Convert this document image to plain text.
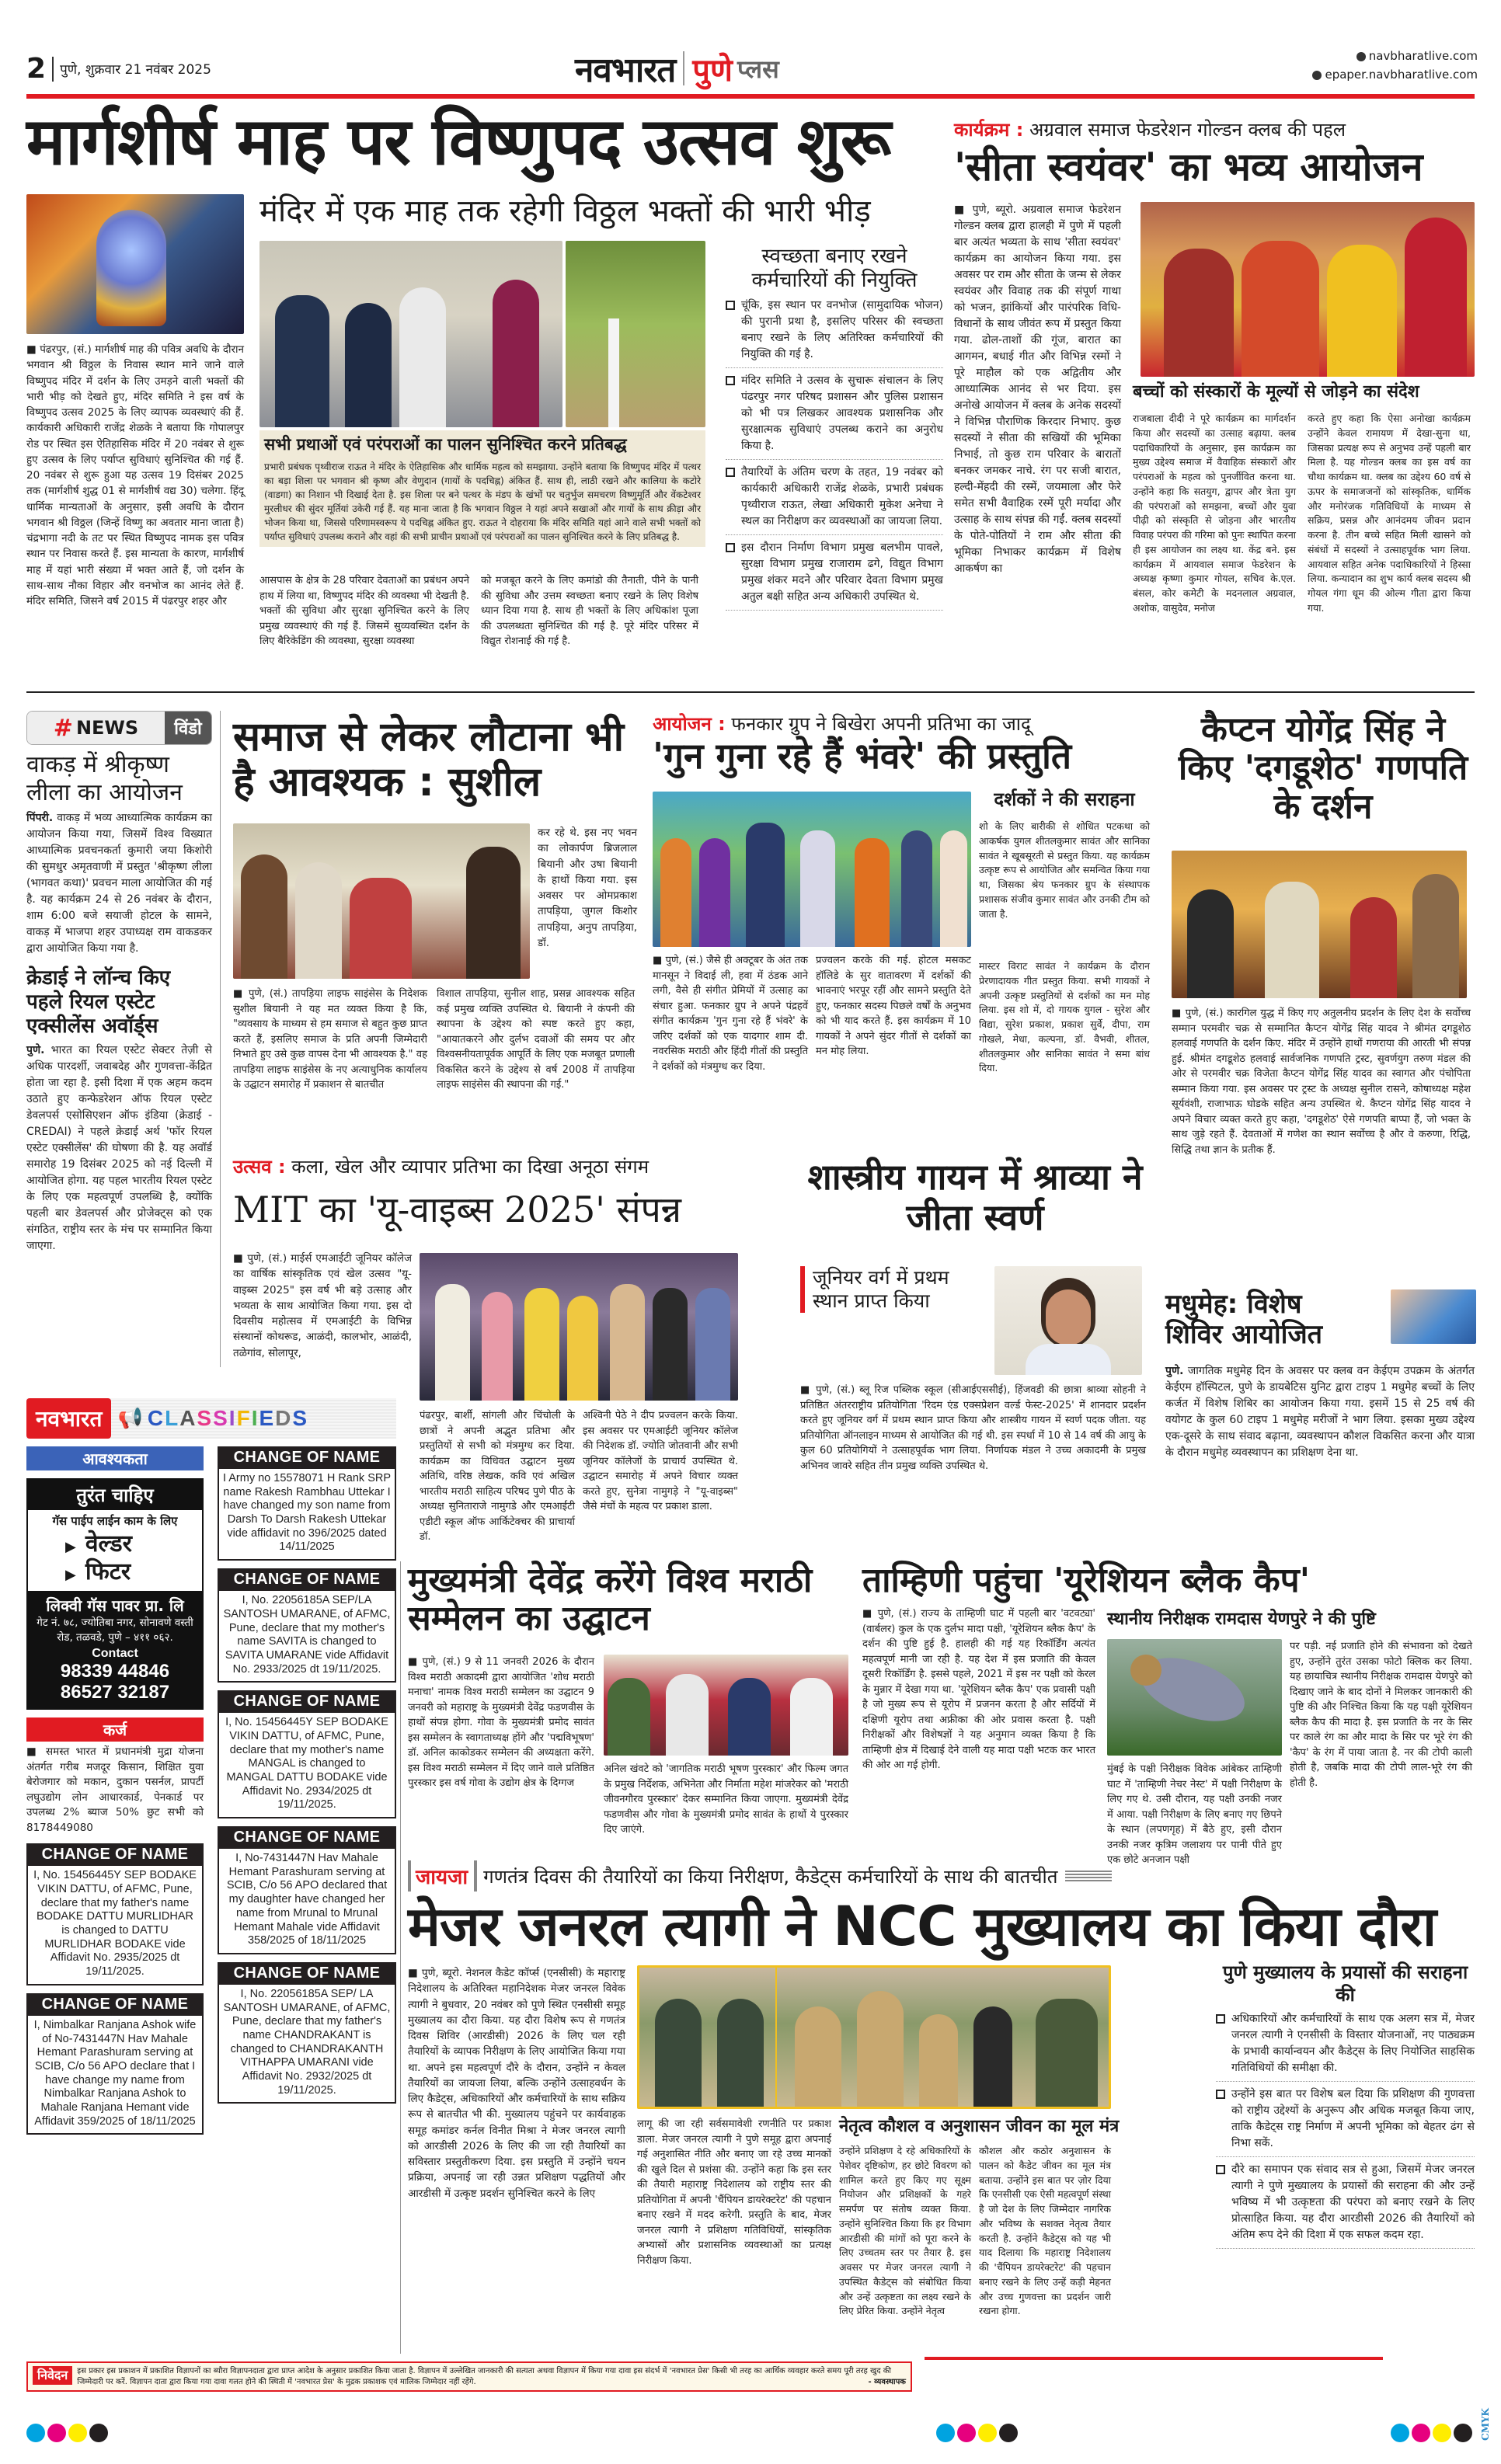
2 पुणे, शुक्रवार 21 नवंबर 2025	नवभारत पुणे प्लस	navbharatlive.com
epaper.navbharatlive.com
मार्गशीर्ष माह पर विष्णुपद उत्सव शुरू
■ पंढरपुर, (सं.) मार्गशीर्ष माह की पवित्र अवधि के दौरान भगवान श्री विठ्ठल के निवास स्थान माने जाने वाले विष्णुपद मंदिर में दर्शन के लिए उमड़ने वाली भक्तों की भारी भीड़ को देखते हुए, मंदिर समिति ने इस वर्ष के विष्णुपद उत्सव 2025 के लिए व्यापक व्यवस्थाएं की हैं. कार्यकारी अधिकारी राजेंद्र शेळके ने बताया कि गोपालपुर रोड पर स्थित इस ऐतिहासिक मंदिर में 20 नवंबर से शुरू हुए उत्सव के लिए पर्याप्त सुविधाएं सुनिश्चित की गई हैं. 20 नवंबर से शुरू हुआ यह उत्सव 19 दिसंबर 2025 तक (मार्गशीर्ष शुद्ध 01 से मार्गशीर्ष वद्य 30) चलेगा. हिंदू धार्मिक मान्यताओं के अनुसार, इसी अवधि के दौरान भगवान श्री विठ्ठल (जिन्हें विष्णु का अवतार माना जाता है) चंद्रभागा नदी के तट पर स्थित विष्णुपद नामक इस पवित्र स्थान पर निवास करते हैं. इस मान्यता के कारण, मार्गशीर्ष माह में यहां भारी संख्या में भक्त आते हैं, जो दर्शन के साथ-साथ नौका विहार और वनभोज का आनंद लेते हैं. मंदिर समिति, जिसने वर्ष 2015 में पंढरपुर शहर और
मंदिर में एक माह तक रहेगी विठ्ठल भक्तों की भारी भीड़
सभी प्रथाओं एवं परंपराओं का पालन सुनिश्चित करने प्रतिबद्ध
प्रभारी प्रबंधक पृथ्वीराज राऊत ने मंदिर के ऐतिहासिक और धार्मिक महत्व को समझाया. उन्होंने बताया कि विष्णुपद मंदिर में पत्थर का बड़ा शिला पर भगवान श्री कृष्ण और वेणुदान (गायों के पदचिह्न) अंकित हैं. साथ ही, लाठी रखने और कालिया के कटोरे (वाडगा) का निशान भी दिखाई देता है. इस शिला पर बने पत्थर के मंडप के खंभों पर चतुर्भुज समचरण विष्णुमूर्ति और वेंकटेश्वर मुरलीधर की सुंदर मूर्तियां उकेरी गई हैं. यह माना जाता है कि भगवान विठ्ठल ने यहां अपने सखाओं और गायों के साथ क्रीड़ा और भोजन किया था, जिससे परिणामस्वरूप ये पदचिह्न अंकित हुए. राऊत ने दोहराया कि मंदिर समिति यहां आने वाले सभी भक्तों को पर्याप्त सुविधाएं उपलब्ध कराने और वहां की सभी प्राचीन प्रथाओं एवं परंपराओं का पालन सुनिश्चित करने के लिए प्रतिबद्ध है.
आसपास के क्षेत्र के 28 परिवार देवताओं का प्रबंधन अपने हाथ में लिया था, विष्णुपद मंदिर की व्यवस्था भी देखती है. भक्तों की सुविधा और सुरक्षा सुनिश्चित करने के लिए प्रमुख व्यवस्थाएं की गई हैं. जिसमें सुव्यवस्थित दर्शन के लिए बैरिकेडिंग की व्यवस्था, सुरक्षा व्यवस्था
को मजबूत करने के लिए कमांडो की तैनाती, पीने के पानी की सुविधा और उत्तम स्वच्छता बनाए रखने के लिए विशेष ध्यान दिया गया है. साथ ही भक्तों के लिए अधिकांश पूजा की उपलब्धता सुनिश्चित की गई है. पूरे मंदिर परिसर में विद्युत रोशनाई की गई है.
स्वच्छता बनाए रखने कर्मचारियों की नियुक्ति
चूंकि, इस स्थान पर वनभोज (सामुदायिक भोजन) की पुरानी प्रथा है, इसलिए परिसर की स्वच्छता बनाए रखने के लिए अतिरिक्त कर्मचारियों की नियुक्ति की गई है.
मंदिर समिति ने उत्सव के सुचारू संचालन के लिए पंढरपुर नगर परिषद प्रशासन और पुलिस प्रशासन को भी पत्र लिखकर आवश्यक प्रशासनिक और सुरक्षात्मक सुविधाएं उपलब्ध कराने का अनुरोध किया है.
तैयारियों के अंतिम चरण के तहत, 19 नवंबर को कार्यकारी अधिकारी राजेंद्र शेळके, प्रभारी प्रबंधक पृथ्वीराज राऊत, लेखा अधिकारी मुकेश अनेचा ने स्थल का निरीक्षण कर व्यवस्थाओं का जायजा लिया.
इस दौरान निर्माण विभाग प्रमुख बलभीम पावले, सुरक्षा विभाग प्रमुख राजाराम ढगे, विद्युत विभाग प्रमुख शंकर मदने और परिवार देवता विभाग प्रमुख अतुल बक्षी सहित अन्य अधिकारी उपस्थित थे.
कार्यक्रम : अग्रवाल समाज फेडरेशन गोल्डन क्लब की पहल
'सीता स्वयंवर' का भव्य आयोजन
■ पुणे, ब्यूरो. अग्रवाल समाज फेडरेशन गोल्डन क्लब द्वारा हालही में पुणे में पहली बार अत्यंत भव्यता के साथ 'सीता स्वयंवर' कार्यक्रम का आयोजन किया गया. इस अवसर पर राम और सीता के जन्म से लेकर स्वयंवर और विवाह तक की संपूर्ण गाथा को भजन, झांकियों और पारंपरिक विधि-विधानों के साथ जीवंत रूप में प्रस्तुत किया गया. ढोल-ताशों की गूंज, बारात का आगमन, बधाई गीत और विभिन्न रस्मों ने पूरे माहौल को एक अद्वितीय और आध्यात्मिक आनंद से भर दिया. इस अनोखे आयोजन में क्लब के अनेक सदस्यों ने विभिन्न पौराणिक किरदार निभाए. कुछ सदस्यों ने सीता की सखियों की भूमिका निभाई, तो कुछ राम परिवार के बारातों बनकर जमकर नाचे. रंग पर सजी बारात, हल्दी-मेंहदी की रस्में, जयमाला और फेरे समेत सभी वैवाहिक रस्में पूरी मर्यादा और उत्साह के साथ संपन्न की गईं. क्लब सदस्यों के पोते-पोतियों ने राम और सीता की भूमिका निभाकर कार्यक्रम में विशेष आकर्षण का
बच्चों को संस्कारों के मूल्यों से जोड़ने का संदेश
राजबाला दीदी ने पूरे कार्यक्रम का मार्गदर्शन किया और सदस्यों का उत्साह बढ़ाया. क्लब पदाधिकारियों के अनुसार, इस कार्यक्रम का मुख्य उद्देश्य समाज में वैवाहिक संस्कारों और परंपराओं के महत्व को पुनर्जीवित करना था. उन्होंने कहा कि सतयुग, द्वापर और त्रेता युग की परंपराओं को समझना, बच्चों और युवा पीढ़ी को संस्कृति से जोड़ना और भारतीय विवाह परंपरा की गरिमा को पुनः स्थापित करना ही इस आयोजन का लक्ष्य था. केंद्र बने. इस कार्यक्रम में आयवाल समाज फेडरेशन के अध्यक्ष कृष्णा कुमार गोयल, सचिव के.एल. बंसल, कोर कमेटी के मदनलाल अग्रवाल, अशोक, वासुदेव, मनोज
करते हुए कहा कि ऐसा अनोखा कार्यक्रम उन्होंने केवल रामायण में देखा-सुना था, जिसका प्रत्यक्ष रूप से अनुभव उन्हें पहली बार मिला है. यह गोल्डन क्लब का इस वर्ष का चौथा कार्यक्रम था. क्लब का उद्देश्य 60 वर्ष से ऊपर के समाजजनों को सांस्कृतिक, धार्मिक और मनोरंजक गतिविधियों के माध्यम से सक्रिय, प्रसन्न और आनंदमय जीवन प्रदान करना है. तीन बच्चे सहित मिली खासने को संबंधों में सदस्यों ने उत्साहपूर्वक भाग लिया. आयवाल सहित अनेक पदाधिकारियों ने हिस्सा लिया. कन्यादान का शुभ कार्य क्लब सदस्य श्री गोयल गंगा धूम की ओल्म गीता द्वारा किया गया.
# NEWS विंडो
वाकड़ में श्रीकृष्ण लीला का आयोजन
पिंपरी. वाकड़ में भव्य आध्यात्मिक कार्यक्रम का आयोजन किया गया, जिसमें विश्व विख्यात आध्यात्मिक प्रवचनकर्ता कुमारी जया किशोरी की सुमधुर अमृतवाणी में प्रस्तुत 'श्रीकृष्ण लीला (भागवत कथा)' प्रवचन माला आयोजित की गई है. यह कार्यक्रम 24 से 26 नवंबर के दौरान, शाम 6:00 बजे सयाजी होटल के सामने, वाकड़ में भाजपा शहर उपाध्यक्ष राम वाकडकर द्वारा आयोजित किया गया है.
क्रेडाई ने लॉन्च किए पहले रियल एस्टेट एक्सीलेंस अवॉर्ड्स
पुणे. भारत का रियल एस्टेट सेक्टर तेज़ी से अधिक पारदर्शी, जवाबदेह और गुणवत्ता-केंद्रित होता जा रहा है. इसी दिशा में एक अहम कदम उठाते हुए कन्फेडरेशन ऑफ रियल एस्टेट डेवलपर्स एसोसिएशन ऑफ इंडिया (क्रेडाई - CREDAI) ने पहले क्रेडाई अर्थ 'फॉर रियल एस्टेट एक्सीलेंस' की घोषणा की है. यह अवॉर्ड समारोह 19 दिसंबर 2025 को नई दिल्ली में आयोजित होगा. यह पहल भारतीय रियल एस्टेट के लिए एक महत्वपूर्ण उपलब्धि है, क्योंकि पहली बार डेवलपर्स और प्रोजेक्ट्स को एक संगठित, राष्ट्रीय स्तर के मंच पर सम्मानित किया जाएगा.
समाज से लेकर लौटाना भी है आवश्यक : सुशील
कर रहे थे. इस नए भवन का लोकार्पण ब्रिजलाल बियानी और उषा बियानी के हाथों किया गया. इस अवसर पर ओमप्रकाश तापड़िया, जुगल किशोर तापड़िया, अनुप तापड़िया, डॉ.
■ पुणे, (सं.) तापड़िया लाइफ साइंसेस के निदेशक सुशील बियानी ने यह मत व्यक्त किया है कि, "व्यवसाय के माध्यम से हम समाज से बहुत कुछ प्राप्त करते हैं, इसलिए समाज के प्रति अपनी जिम्मेदारी निभाते हुए उसे कुछ वापस देना भी आवश्यक है." वह तापड़िया लाइफ साइंसेस के नए अत्याधुनिक कार्यालय के उद्घाटन समारोह में प्रकाशन से बातचीत
विशाल तापड़िया, सुनील शाह, प्रसन्न आवश्यक सहित कई प्रमुख व्यक्ति उपस्थित थे. बियानी ने कंपनी की स्थापना के उद्देश्य को स्पष्ट करते हुए कहा, "आयातकरने और दुर्लभ दवाओं की समय पर और विश्वसनीयतापूर्वक आपूर्ति के लिए एक मजबूत प्रणाली विकसित करने के उद्देश्य से वर्ष 2008 में तापड़िया लाइफ साइंसेस की स्थापना की गई."
आयोजन : फनकार ग्रुप ने बिखेरा अपनी प्रतिभा का जादू
'गुन गुना रहे हैं भंवरे' की प्रस्तुति
दर्शकों ने की सराहना
शो के लिए बारीकी से शोधित पटकथा को आकर्षक युगल शीतलकुमार सावंत और सानिका सावंत ने खूबसूरती से प्रस्तुत किया. यह कार्यक्रम उत्कृष्ट रूप से आयोजित और समन्वित किया गया था, जिसका श्रेय फनकार ग्रुप के संस्थापक प्रशासक संजीव कुमार सावंत और उनकी टीम को जाता है.
■ पुणे, (सं.) जैसे ही अक्टूबर के अंत तक मानसून ने विदाई ली, हवा में ठंडक आने लगी, वैसे ही संगीत प्रेमियों में उत्साह का संचार हुआ. फनकार ग्रुप ने अपने पंद्रहवें संगीत कार्यक्रम 'गुन गुना रहे हैं भंवरे' के जरिए दर्शकों को एक यादगार शाम दी. नवरसिक मराठी और हिंदी गीतों की प्रस्तुति ने दर्शकों को मंत्रमुग्ध कर दिया.
प्रज्वलन करके की गई. होटल मसकट हॉलिडे के सुर वातावरण में दर्शकों की भावनाएं भरपूर रहीं और सामने प्रस्तुति देते हुए, फनकार सदस्य पिछले वर्षों के अनुभव को भी याद करते हैं. इस कार्यक्रम में 10 गायकों ने अपने सुंदर गीतों से दर्शकों का मन मोह लिया.
मास्टर विराट सावंत ने कार्यक्रम के दौरान प्रेरणादायक गीत प्रस्तुत किया. सभी गायकों ने अपनी उत्कृष्ट प्रस्तुतियों से दर्शकों का मन मोह लिया. इस शो में, दो गायक युगल - सुरेश और विद्या, सुरेश प्रकाश, प्रकाश सुर्वे, दीपा, राम गोखले, मेधा, कल्पना, डॉ. वैभवी, शीतल, शीतलकुमार और सानिका सावंत ने समा बांध दिया.
कैप्टन योगेंद्र सिंह ने किए 'दगडूशेठ' गणपति के दर्शन
■ पुणे, (सं.) कारगिल युद्ध में किए गए अतुलनीय प्रदर्शन के लिए देश के सर्वोच्च सम्मान परमवीर चक्र से सम्मानित कैप्टन योगेंद्र सिंह यादव ने श्रीमंत दगडूशेठ हलवाई गणपति के दर्शन किए. मंदिर में उन्होंने हाथों गणराया की आरती भी संपन्न हुई. श्रीमंत दगडूशेठ हलवाई सार्वजनिक गणपति ट्रस्ट, सुवर्णयुग तरुण मंडल की ओर से परमवीर चक्र विजेता कैप्टन योगेंद्र सिंह यादव का स्वागत और पंचोपिता सम्मान किया गया. इस अवसर पर ट्रस्ट के अध्यक्ष सुनील रासने, कोषाध्यक्ष महेश सूर्यवंशी, राजाभाऊ घोडके सहित अन्य उपस्थित थे. कैप्टन योगेंद्र सिंह यादव ने अपने विचार व्यक्त करते हुए कहा, 'दगडूशेठ' ऐसे गणपति बाप्पा हैं, जो भक्त के साथ जुड़े रहते हैं. देवताओं में गणेश का स्थान सर्वोच्च है और वे करुणा, रिद्धि, सिद्धि तथा ज्ञान के प्रतीक हैं.
उत्सव : कला, खेल और व्यापार प्रतिभा का दिखा अनूठा संगम
MIT का 'यू-वाइब्स 2025' संपन्न
■ पुणे, (सं.) माईर्स एमआईटी जूनियर कॉलेज का वार्षिक सांस्कृतिक एवं खेल उत्सव "यू-वाइब्स 2025" इस वर्ष भी बड़े उत्साह और भव्यता के साथ आयोजित किया गया. इस दो दिवसीय महोत्सव में एमआईटी के विभिन्न संस्थानों कोथरूड, आळंदी, कालभोर, आळंदी, तळेगांव, सोलापूर,
पंढरपुर, बार्शी, सांगली और चिंचोली के छात्रों ने अपनी अद्भुत प्रतिभा और प्रस्तुतियों से सभी को मंत्रमुग्ध कर दिया. कार्यक्रम का विधिवत उद्घाटन मुख्य अतिथि, वरिष्ठ लेखक, कवि एवं अखिल भारतीय मराठी साहित्य परिषद पुणे पीठ के अध्यक्ष सुनिताराजे नामुगडे और एमआईटी एडीटी स्कूल ऑफ आर्किटेक्चर की प्राचार्या डॉ.
अश्विनी पेठे ने दीप प्रज्वलन करके किया. इस अवसर पर एमआईटी जूनियर कॉलेज की निदेशक डॉ. ज्योति जोतवानी और सभी जूनियर कॉलेजों के प्राचार्य उपस्थित थे. उद्घाटन समारोह में अपने विचार व्यक्त करते हुए, सुनेत्रा नामुगड़े ने "यू-वाइब्स" जैसे मंचों के महत्व पर प्रकाश डाला.
शास्त्रीय गायन में श्राव्या ने जीता स्वर्ण
जूनियर वर्ग में प्रथम स्थान प्राप्त किया
■ पुणे, (सं.) ब्लू रिज पब्लिक स्कूल (सीआईएससीई), हिंजवडी की छात्रा श्राव्या सोहनी ने प्रतिष्ठित अंतरराष्ट्रीय प्रतियोगिता 'रिदम एंड एक्सप्रेशन वर्ल्ड फेस्ट-2025' में शानदार प्रदर्शन करते हुए जूनियर वर्ग में प्रथम स्थान प्राप्त किया और शास्त्रीय गायन में स्वर्ण पदक जीता. यह प्रतियोगिता ऑनलाइन माध्यम से आयोजित की गई थी. इस स्पर्धा में 10 से 14 वर्ष की आयु के कुल 60 प्रतियोगियों ने उत्साहपूर्वक भाग लिया. निर्णायक मंडल ने उच्च अकादमी के प्रमुख अभिनव जावरे सहित तीन प्रमुख व्यक्ति उपस्थित थे.
मधुमेह: विशेष शिविर आयोजित
पुणे. जागतिक मधुमेह दिन के अवसर पर क्लब वन केईएम उपक्रम के अंतर्गत केईएम हॉस्पिटल, पुणे के डायबेटिस युनिट द्वारा टाइप 1 मधुमेह बच्चों के लिए कर्जत में विशेष शिबिर का आयोजन किया गया. इसमें 15 से 25 वर्ष की वयोगट के कुल 60 टाइप 1 मधुमेह मरीजों ने भाग लिया. इसका मुख्य उद्देश्य एक-दूसरे के साथ संवाद बढ़ाना, व्यवस्थापन कौशल विकसित करना और यात्रा के दौरान मधुमेह व्यवस्थापन का प्रशिक्षण देना था.
नवभारत 📢 CLASSIFIEDS
आवश्यकता
तुरंत चाहिए
गॅस पाईप लाईन काम के लिए
▶ वेल्डर
▶ फिटर
लिक्वी गॅस पावर प्रा. लि
गेट नं. ७८, ज्योतिबा नगर, सोनावणे वस्ती रोड, तळवडे, पुणे – ४११ ०६२.
Contact
98339 44846
86527 32187
कर्ज
■ समस्त भारत में प्रधानमंत्री मुद्रा योजना अंतर्गत गरीब मजदूर किसान, शिक्षित युवा बेरोजगार को मकान, दुकान पसर्नल, प्रापर्टी लघुउद्योग लोन आधारकार्ड, पेनकार्ड पर उपलब्ध 2% ब्याज 50% छुट सभी को 8178449080
CHANGE OF NAME
I, No. 15456445Y SEP BODAKE VIKIN DATTU, of AFMC, Pune, declare that my father's name BODAKE DATTU MURLIDHAR is changed to DATTU MURLIDHAR BODAKE vide Affidavit No. 2935/2025 dt 19/11/2025.
CHANGE OF NAME
I, Nimbalkar Ranjana Ashok wife of No-7431447N Hav Mahale Hemant Parashuram serving at SCIB, C/o 56 APO declare that I have change my name from Nimbalkar Ranjana Ashok to Mahale Ranjana Hemant vide Affidavit 359/2025 of 18/11/2025
CHANGE OF NAME
I Army no 15578071 H Rank SRP name Rakesh Rambhau Uttekar I have changed my son name from Darsh To Darsh Rakesh Uttekar vide affidavit no 396/2025 dated 14/11/2025
CHANGE OF NAME
I, No. 22056185A SEP/LA SANTOSH UMARANE, of AFMC, Pune, declare that my mother's name SAVITA is changed to SAVITA UMARANE vide Affidavit No. 2933/2025 dt 19/11/2025.
CHANGE OF NAME
I, No. 15456445Y SEP BODAKE VIKIN DATTU, of AFMC, Pune, declare that my mother's name MANGAL is changed to MANGAL DATTU BODAKE vide Affidavit No. 2934/2025 dt 19/11/2025.
CHANGE OF NAME
I, No-7431447N Hav Mahale Hemant Parashuram serving at SCIB, C/o 56 APO declared that my daughter have changed her name from Mrunal to Mrunal Hemant Mahale vide Affidavit 358/2025 of 18/11/2025
CHANGE OF NAME
I, No. 22056185A SEP/ LA SANTOSH UMARANE, of AFMC, Pune, declare that my father's name CHANDRAKANT is changed to CHANDRAKANTH VITHAPPA UMARANI vide Affidavit No. 2932/2025 dt 19/11/2025.
निवेदन	इस प्रकार इस प्रकाशन में प्रकाशित विज्ञापनों का ब्यौरा विज्ञापनदाता द्वारा प्राप्त आदेश के अनुसार प्रकाशित किया जाता है. विज्ञापन में उल्लेखित जानकारी की सत्यता अथवा विज्ञापन में किया गया दावा इस संदर्भ में 'नवभारत प्रेस' किसी भी तरह का आर्थिक व्यवहार करते समय पूरी तरह खुद की जिम्मेदारी पर करें. विज्ञापन दाता द्वारा किया गया दावा गलत होने की स्थिती में 'नवभारत प्रेस' के मुद्रक प्रकाशक एवं मालिक जिम्मेदार नहीं रहेंगे.	- व्यवस्थापक
मुख्यमंत्री देवेंद्र करेंगे विश्व मराठी सम्मेलन का उद्घाटन
■ पुणे, (सं.) 9 से 11 जनवरी 2026 के दौरान विश्व मराठी अकादमी द्वारा आयोजित 'शोध मराठी मनाचा' नामक विश्व मराठी सम्मेलन का उद्घाटन 9 जनवरी को महाराष्ट्र के मुख्यमंत्री देवेंद्र फडणवीस के हाथों संपन्न होगा. गोवा के मुख्यमंत्री प्रमोद सावंत इस सम्मेलन के स्वागताध्यक्ष होंगे और 'पद्मविभूषण' डॉ. अनिल काकोडकर सम्मेलन की अध्यक्षता करेंगे. इस विश्व मराठी सम्मेलन में दिए जाने वाले प्रतिष्ठित पुरस्कार इस वर्ष गोवा के उद्योग क्षेत्र के दिग्गज
अनिल खंवटे को 'जागतिक मराठी भूषण पुरस्कार' और फिल्म जगत के प्रमुख निर्देशक, अभिनेता और निर्माता महेश मांजरेकर को 'मराठी जीवनगौरव पुरस्कार' देकर सम्मानित किया जाएगा. मुख्यमंत्री देवेंद्र फडणवीस और गोवा के मुख्यमंत्री प्रमोद सावंत के हाथों ये पुरस्कार दिए जाएंगे.
ताम्हिणी पहुंचा 'यूरेशियन ब्लैक कैप'
■ पुणे, (सं.) राज्य के ताम्हिणी घाट में पहली बार 'वटवट्या' (वार्बलर) कुल के एक दुर्लभ मादा पक्षी, 'यूरेशियन ब्लैक कैप' के दर्शन की पुष्टि हुई है. हालही की गई यह रिकॉर्डिंग अत्यंत महत्वपूर्ण मानी जा रही है. यह देश में इस प्रजाति की केवल दूसरी रिकॉर्डिंग है. इससे पहले, 2021 में इस नर पक्षी को केरल के मुन्नार में देखा गया था. 'यूरेशियन ब्लैक कैप' एक प्रवासी पक्षी है जो मुख्य रूप से यूरोप में प्रजनन करता है और सर्दियों में दक्षिणी यूरोप तथा अफ्रीका की ओर प्रवास करता है. पक्षी निरीक्षकों और विशेषज्ञों ने यह अनुमान व्यक्त किया है कि ताम्हिणी क्षेत्र में दिखाई देने वाली यह मादा पक्षी भटक कर भारत की ओर आ गई होगी.
स्थानीय निरीक्षक रामदास येणपुरे ने की पुष्टि
मुंबई के पक्षी निरीक्षक विवेक आंबेकर ताम्हिणी घाट में 'ताम्हिणी नेचर नेस्ट' में पक्षी निरीक्षण के लिए गए थे. उसी दौरान, यह पक्षी उनकी नजर में आया. पक्षी निरीक्षण के लिए बनाए गए छिपने के स्थान (लपणगृह) में बैठे हुए, इसी दौरान उनकी नजर कृत्रिम जलाशय पर पानी पीते हुए एक छोटे अनजान पक्षी
पर पड़ी. नई प्रजाति होने की संभावना को देखते हुए, उन्होंने तुरंत उसका फोटो क्लिक कर लिया. यह छायाचित्र स्थानीय निरीक्षक रामदास येणपुरे को दिखाए जाने के बाद दोनों ने मिलकर जानकारी की पुष्टि की और निश्चित किया कि यह पक्षी यूरेशियन ब्लैक कैप की मादा है. इस प्रजाति के नर के सिर पर काले रंग का और मादा के सिर पर भूरे रंग की 'कैप' के रंग में पाया जाता है. नर की टोपी काली होती है, जबकि मादा की टोपी लाल-भूरे रंग की होती है.
जायजा गणतंत्र दिवस की तैयारियों का किया निरीक्षण, कैडेट्स कर्मचारियों के साथ की बातचीत
मेजर जनरल त्यागी ने NCC मुख्यालय का किया दौरा
■ पुणे, ब्यूरो. नेशनल कैडेट कॉर्प्स (एनसीसी) के महाराष्ट्र निदेशालय के अतिरिक्त महानिदेशक मेजर जनरल विवेक त्यागी ने बुधवार, 20 नवंबर को पुणे स्थित एनसीसी समूह मुख्यालय का दौरा किया. यह दौरा विशेष रूप से गणतंत्र दिवस शिविर (आरडीसी) 2026 के लिए चल रही तैयारियों के व्यापक निरीक्षण के लिए आयोजित किया गया था. अपने इस महत्वपूर्ण दौरे के दौरान, उन्होंने न केवल तैयारियों का जायजा लिया, बल्कि उन्होंने उत्साहवर्धन के लिए कैडेट्स, अधिकारियों और कर्मचारियों के साथ सक्रिय रूप से बातचीत भी की. मुख्यालय पहुंचने पर कार्यवाहक समूह कमांडर कर्नल विनीत मिश्रा ने मेजर जनरल त्यागी को आरडीसी 2026 के लिए की जा रही तैयारियों का सविस्तार प्रस्तुतीकरण दिया. इस प्रस्तुति में उन्होंने चयन प्रक्रिया, अपनाई जा रही उन्नत प्रशिक्षण पद्धतियों और आरडीसी में उत्कृष्ट प्रदर्शन सुनिश्चित करने के लिए
लागू की जा रही सर्वसमावेशी रणनीति पर प्रकाश डाला. मेजर जनरल त्यागी ने पुणे समूह द्वारा अपनाई गई अनुशासित नीति और बनाए जा रहे उच्च मानकों की खुले दिल से प्रशंसा की. उन्होंने कहा कि इस स्तर की तैयारी महाराष्ट्र निदेशालय को राष्ट्रीय स्तर की प्रतियोगिता में अपनी 'चैंपियन डायरेक्टरेट' की पहचान बनाए रखने में मदद करेगी. प्रस्तुति के बाद, मेजर जनरल त्यागी ने प्रशिक्षण गतिविधियों, सांस्कृतिक अभ्यासों और प्रशासनिक व्यवस्थाओं का प्रत्यक्ष निरीक्षण किया.
नेतृत्व कौशल व अनुशासन जीवन का मूल मंत्र
उन्होंने प्रशिक्षण दे रहे अधिकारियों के पेशेवर दृष्टिकोण, हर छोटे विवरण को शामिल करते हुए किए गए सूक्ष्म नियोजन और प्रशिक्षकों के गहरे समर्पण पर संतोष व्यक्त किया. उन्होंने सुनिश्चित किया कि हर विभाग आरडीसी की मांगों को पूरा करने के लिए उच्चतम स्तर पर तैयार है. इस अवसर पर मेजर जनरल त्यागी ने उपस्थित कैडेट्स को संबोधित किया और उन्हें उत्कृष्टता का लक्ष्य रखने के लिए प्रेरित किया. उन्होंने नेतृत्व
कौशल और कठोर अनुशासन के पालन को कैडेट जीवन का मूल मंत्र बताया. उन्होंने इस बात पर ज़ोर दिया कि एनसीसी एक ऐसी महत्वपूर्ण संस्था है जो देश के लिए जिम्मेदार नागरिक और भविष्य के सशक्त नेतृत्व तैयार करती है. उन्होंने कैडेट्स को यह भी याद दिलाया कि महाराष्ट्र निदेशालय की 'चैंपियन डायरेक्टरेट' की पहचान बनाए रखने के लिए उन्हें कड़ी मेहनत और उच्च गुणवत्ता का प्रदर्शन जारी रखना होगा.
पुणे मुख्यालय के प्रयासों की सराहना की
अधिकारियों और कर्मचारियों के साथ एक अलग सत्र में, मेजर जनरल त्यागी ने एनसीसी के विस्तार योजनाओं, नए पाठ्यक्रम के प्रभावी कार्यान्वयन और कैडेट्स के लिए नियोजित साहसिक गतिविधियों की समीक्षा की.
उन्होंने इस बात पर विशेष बल दिया कि प्रशिक्षण की गुणवत्ता को राष्ट्रीय उद्देश्यों के अनुरूप और अधिक मजबूत किया जाए, ताकि कैडेट्स राष्ट्र निर्माण में अपनी भूमिका को बेहतर ढंग से निभा सकें.
दौरे का समापन एक संवाद सत्र से हुआ, जिसमें मेजर जनरल त्यागी ने पुणे मुख्यालय के प्रयासों की सराहना की और उन्हें भविष्य में भी उत्कृष्टता की परंपरा को बनाए रखने के लिए प्रोत्साहित किया. यह दौरा आरडीसी 2026 की तैयारियों को अंतिम रूप देने की दिशा में एक सफल कदम रहा.
CMYK
